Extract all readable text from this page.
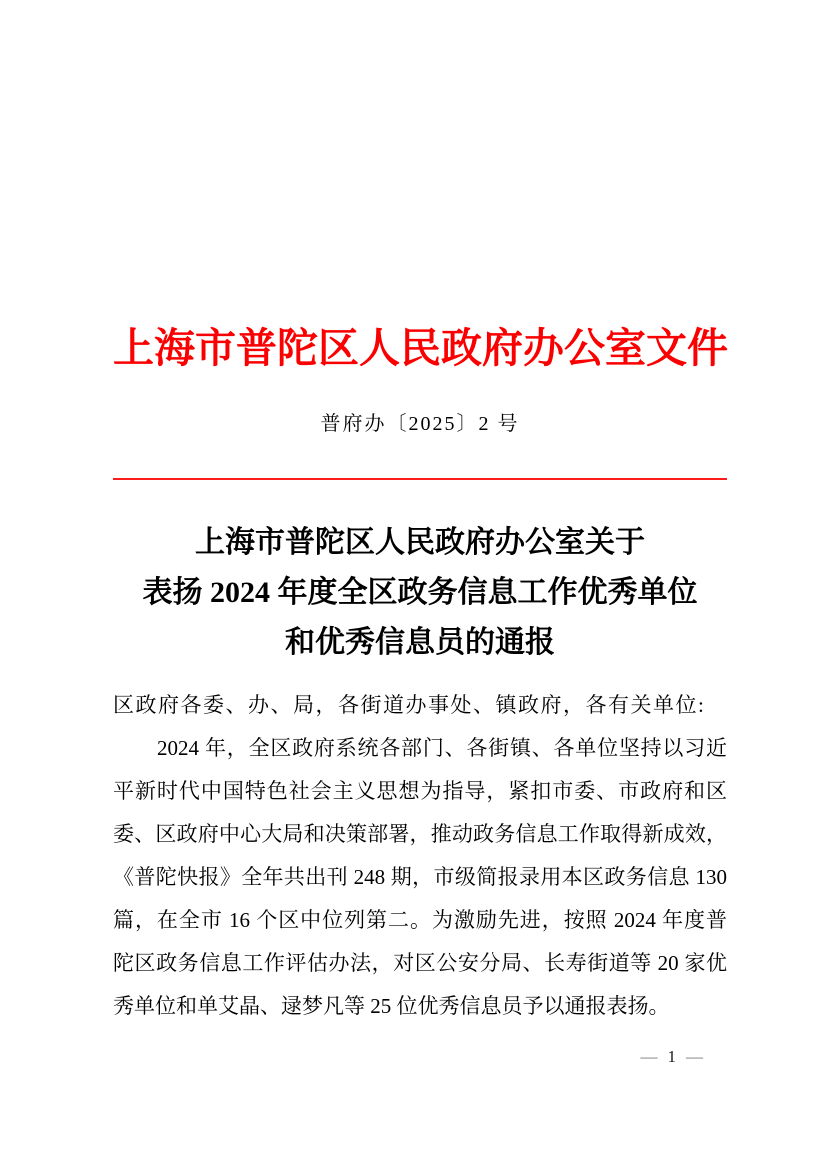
上海市普陀区人民政府办公室文件
普府办〔2025〕2 号
上海市普陀区人民政府办公室关于
表扬 2024 年度全区政务信息工作优秀单位
和优秀信息员的通报
区政府各委、办、局，各街道办事处、镇政府，各有关单位:
2024 年，全区政府系统各部门、各街镇、各单位坚持以习近
平新时代中国特色社会主义思想为指导，紧扣市委、市政府和区
委、区政府中心大局和决策部署，推动政务信息工作取得新成效，
《普陀快报》全年共出刊 248 期，市级简报录用本区政务信息 130
篇，在全市 16 个区中位列第二。为激励先进，按照 2024 年度普
陀区政务信息工作评估办法，对区公安分局、长寿街道等 20 家优
秀单位和单艾晶、逯梦凡等 25 位优秀信息员予以通报表扬。
— 1 —
